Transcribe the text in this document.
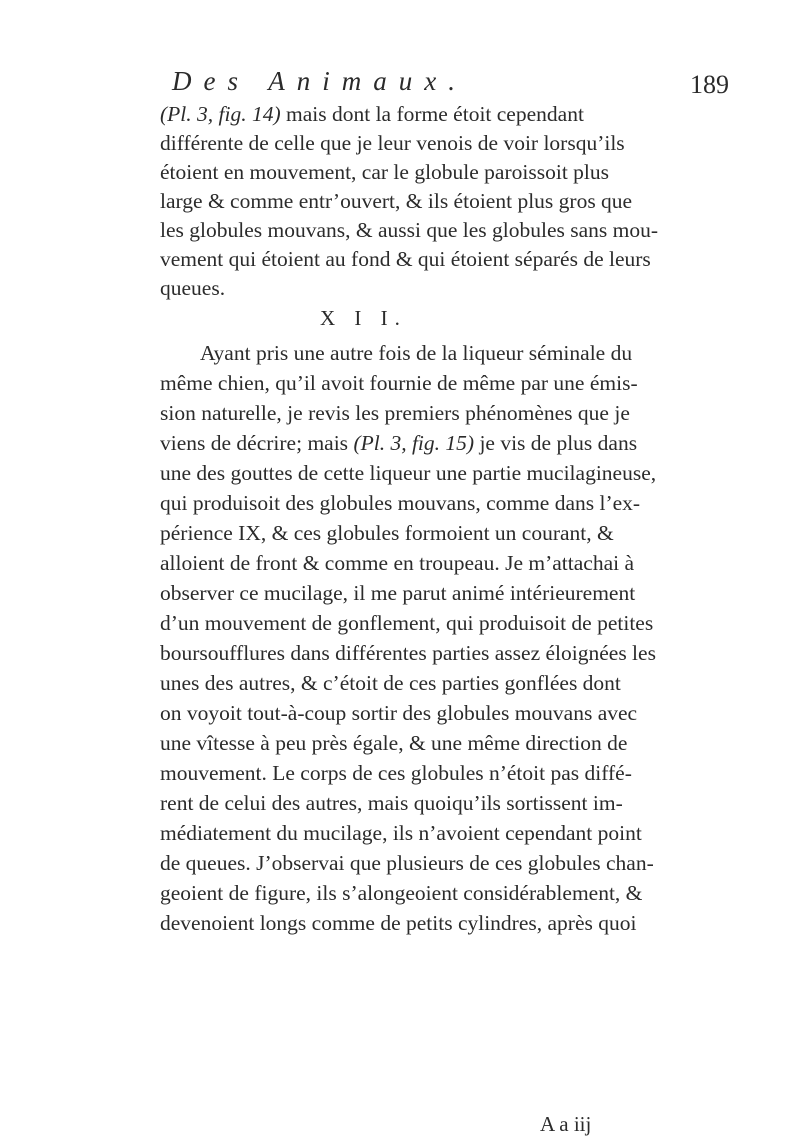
Des Animaux.	189
(Pl. 3, fig. 14) mais dont la forme étoit cependant
différente de celle que je leur venois de voir lorsqu’ils
étoient en mouvement, car le globule paroissoit plus
large & comme entr’ouvert, & ils étoient plus gros que
les globules mouvans, & aussi que les globules sans mou-
vement qui étoient au fond & qui étoient séparés de leurs
queues.
X I I.
Ayant pris une autre fois de la liqueur séminale du
même chien, qu’il avoit fournie de même par une émis-
sion naturelle, je revis les premiers phénomènes que je
viens de décrire; mais (Pl. 3, fig. 15) je vis de plus dans
une des gouttes de cette liqueur une partie mucilagineuse,
qui produisoit des globules mouvans, comme dans l’ex-
périence IX, & ces globules formoient un courant, &
alloient de front & comme en troupeau. Je m’attachai à
observer ce mucilage, il me parut animé intérieurement
d’un mouvement de gonflement, qui produisoit de petites
boursoufflures dans différentes parties assez éloignées les
unes des autres, & c’étoit de ces parties gonflées dont
on voyoit tout-à-coup sortir des globules mouvans avec
une vîtesse à peu près égale, & une même direction de
mouvement. Le corps de ces globules n’étoit pas diffé-
rent de celui des autres, mais quoiqu’ils sortissent im-
médiatement du mucilage, ils n’avoient cependant point
de queues. J’observai que plusieurs de ces globules chan-
geoient de figure, ils s’alongeoient considérablement, &
devenoient longs comme de petits cylindres, après quoi
A a iij
